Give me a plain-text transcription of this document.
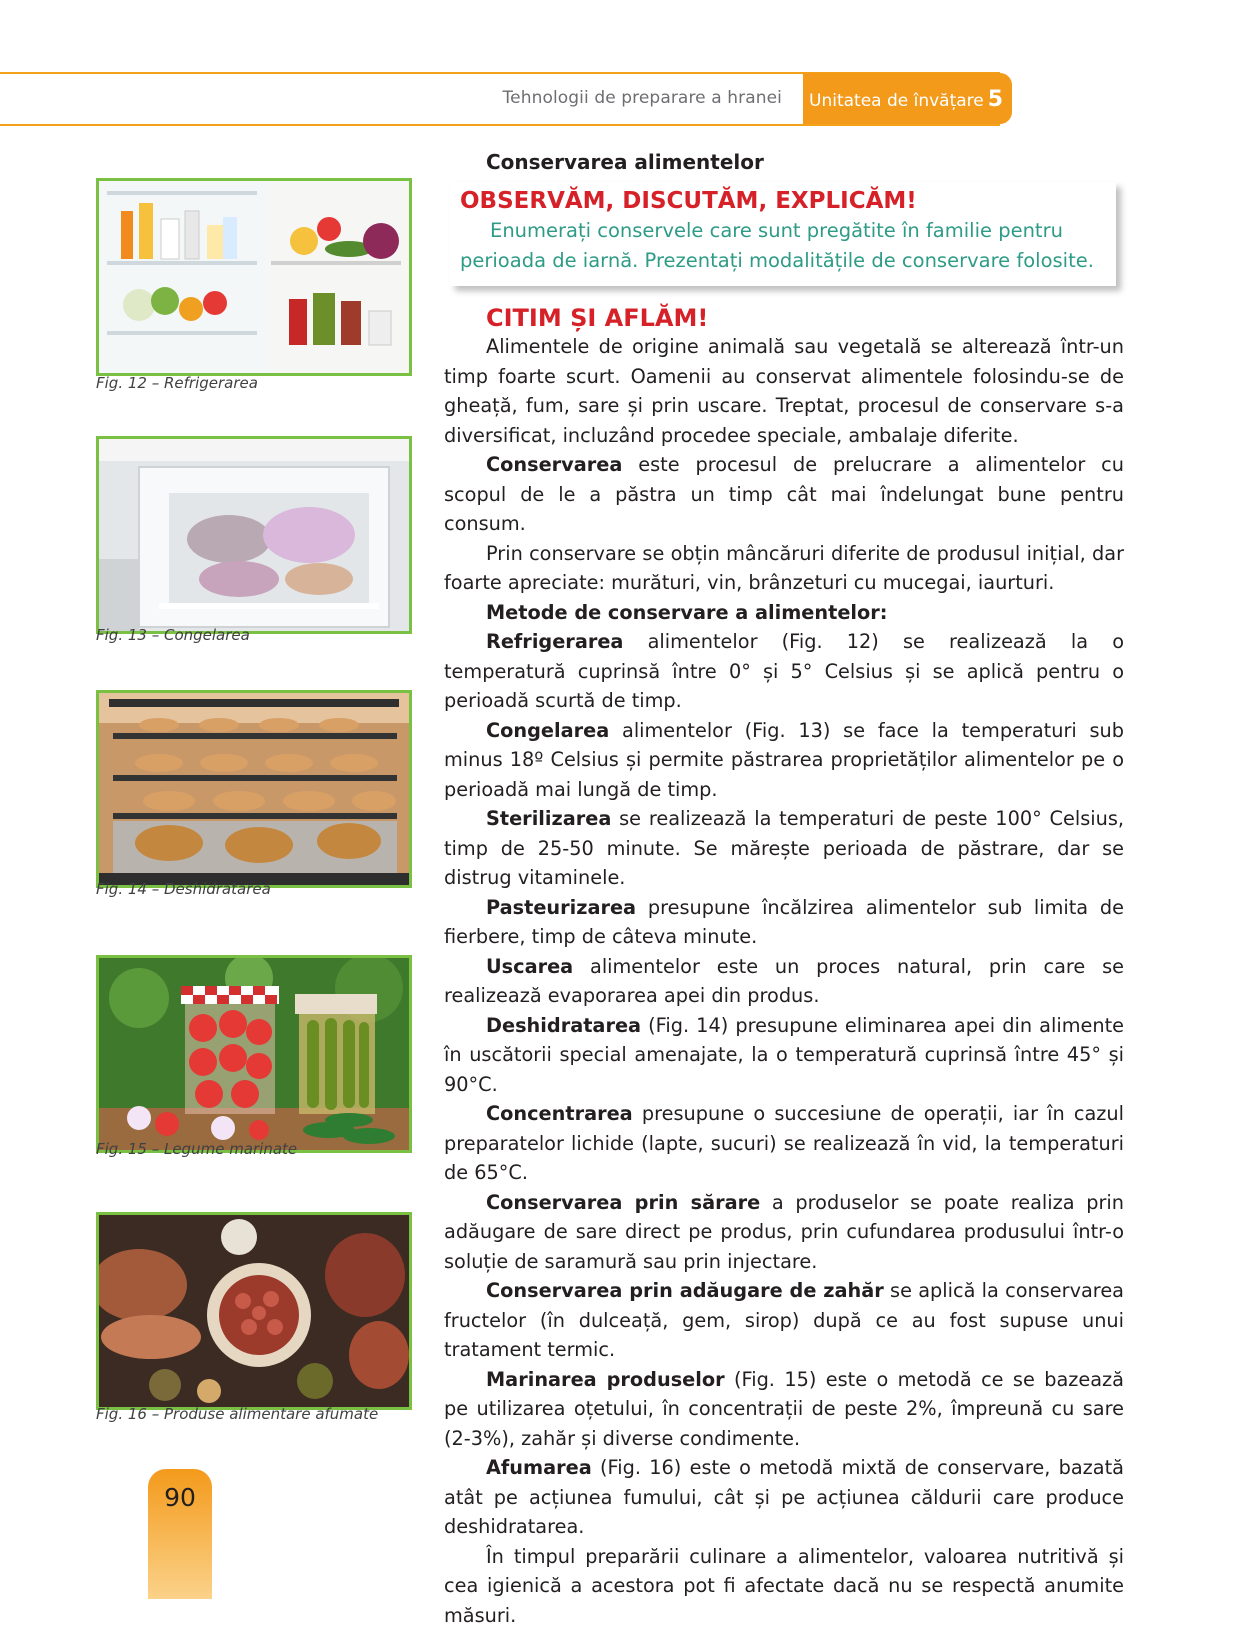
Tehnologii de preparare a hranei	Unitatea de învățare 5
Fig. 12 – Refrigerarea
Fig. 13 – Congelarea
Fig. 14 – Deshidratarea
Fig. 15 – Legume marinate
Fig. 16 – Produse alimentare afumate
Conservarea alimentelor
OBSERVĂM, DISCUTĂM, EXPLICĂM!
Enumerați conservele care sunt pregătite în familie pentru perioada de iarnă. Prezentați modalitățile de conservare folosite.
CITIM ȘI AFLĂM!

Alimentele de origine animală sau vegetală se alterează într-un timp foarte scurt. Oamenii au conservat alimentele folosindu-se de gheață, fum, sare și prin uscare. Treptat, procesul de conservare s-a diversificat, incluzând procedee speciale, ambalaje diferite.

Conservarea este procesul de prelucrare a alimentelor cu scopul de le a păstra un timp cât mai îndelungat bune pentru consum.

Prin conservare se obțin mâncăruri diferite de produsul inițial, dar foarte apreciate: murături, vin, brânzeturi cu mucegai, iaurturi.

Metode de conservare a alimentelor:

Refrigerarea alimentelor (Fig. 12) se realizează la o temperatură cuprinsă între 0° și 5° Celsius și se aplică pentru o perioadă scurtă de timp.

Congelarea alimentelor (Fig. 13) se face la temperaturi sub minus 18º Celsius și permite păstrarea proprietăților alimentelor pe o perioadă mai lungă de timp.

Sterilizarea se realizează la temperaturi de peste 100° Celsius, timp de 25-50 minute. Se mărește perioada de păstrare, dar se distrug vitaminele.

Pasteurizarea presupune încălzirea alimentelor sub limita de fierbere, timp de câteva minute.

Uscarea alimentelor este un proces natural, prin care se realizează evaporarea apei din produs.

Deshidratarea (Fig. 14) presupune eliminarea apei din alimente în uscătorii special amenajate, la o temperatură cuprinsă între 45° și 90°C.

Concentrarea presupune o succesiune de operații, iar în cazul preparatelor lichide (lapte, sucuri) se realizează în vid, la temperaturi de 65°C.

Conservarea prin sărare a produselor se poate realiza prin adăugare de sare direct pe produs, prin cufundarea produsului într-o soluție de saramură sau prin injectare.

Conservarea prin adăugare de zahăr se aplică la conservarea fructelor (în dulceață, gem, sirop) după ce au fost supuse unui tratament termic.

Marinarea produselor (Fig. 15) este o metodă ce se bazează pe utilizarea oțetului, în concentrații de peste 2%, împreună cu sare (2-3%), zahăr și diverse condimente.

Afumarea (Fig. 16) este o metodă mixtă de conservare, bazată atât pe acțiunea fumului, cât și pe acțiunea căldurii care produce deshidratarea.

În timpul preparării culinare a alimentelor, valoarea nutritivă și cea igienică a acestora pot fi afectate dacă nu se respectă anumite măsuri.

90
